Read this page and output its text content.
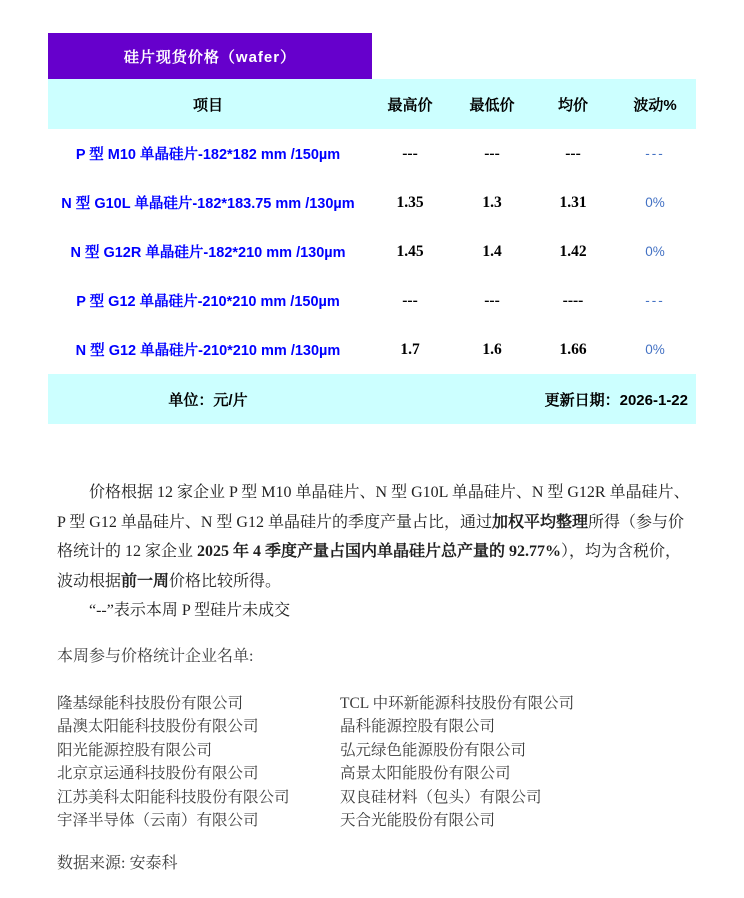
硅片现货价格（wafer）
项目	最高价	最低价	均价	波动%
P 型 M10 单晶硅片-182*182 mm /150µm	---	---	---	---
N 型 G10L 单晶硅片-182*183.75 mm /130µm	1.35	1.3	1.31	0%
N 型 G12R 单晶硅片-182*210 mm /130µm	1.45	1.4	1.42	0%
P 型 G12 单晶硅片-210*210 mm /150µm	---	---	----	---
N 型 G12 单晶硅片-210*210 mm /130µm	1.7	1.6	1.66	0%
单位：元/片	更新日期：2026-1-22
价格根据 12 家企业 P 型 M10 单晶硅片、N 型 G10L 单晶硅片、N 型 G12R 单晶硅片、P 型 G12 单晶硅片、N 型 G12 单晶硅片的季度产量占比，通过加权平均整理所得（参与价格统计的 12 家企业 2025 年 4 季度产量占国内单晶硅片总产量的 92.77%），均为含税价，波动根据前一周价格比较所得。
“--”表示本周 P 型硅片未成交
本周参与价格统计企业名单:
隆基绿能科技股份有限公司	TCL 中环新能源科技股份有限公司
晶澳太阳能科技股份有限公司	晶科能源控股有限公司
阳光能源控股有限公司	弘元绿色能源股份有限公司
北京京运通科技股份有限公司	高景太阳能股份有限公司
江苏美科太阳能科技股份有限公司	双良硅材料（包头）有限公司
宇泽半导体（云南）有限公司	天合光能股份有限公司
数据来源: 安泰科
